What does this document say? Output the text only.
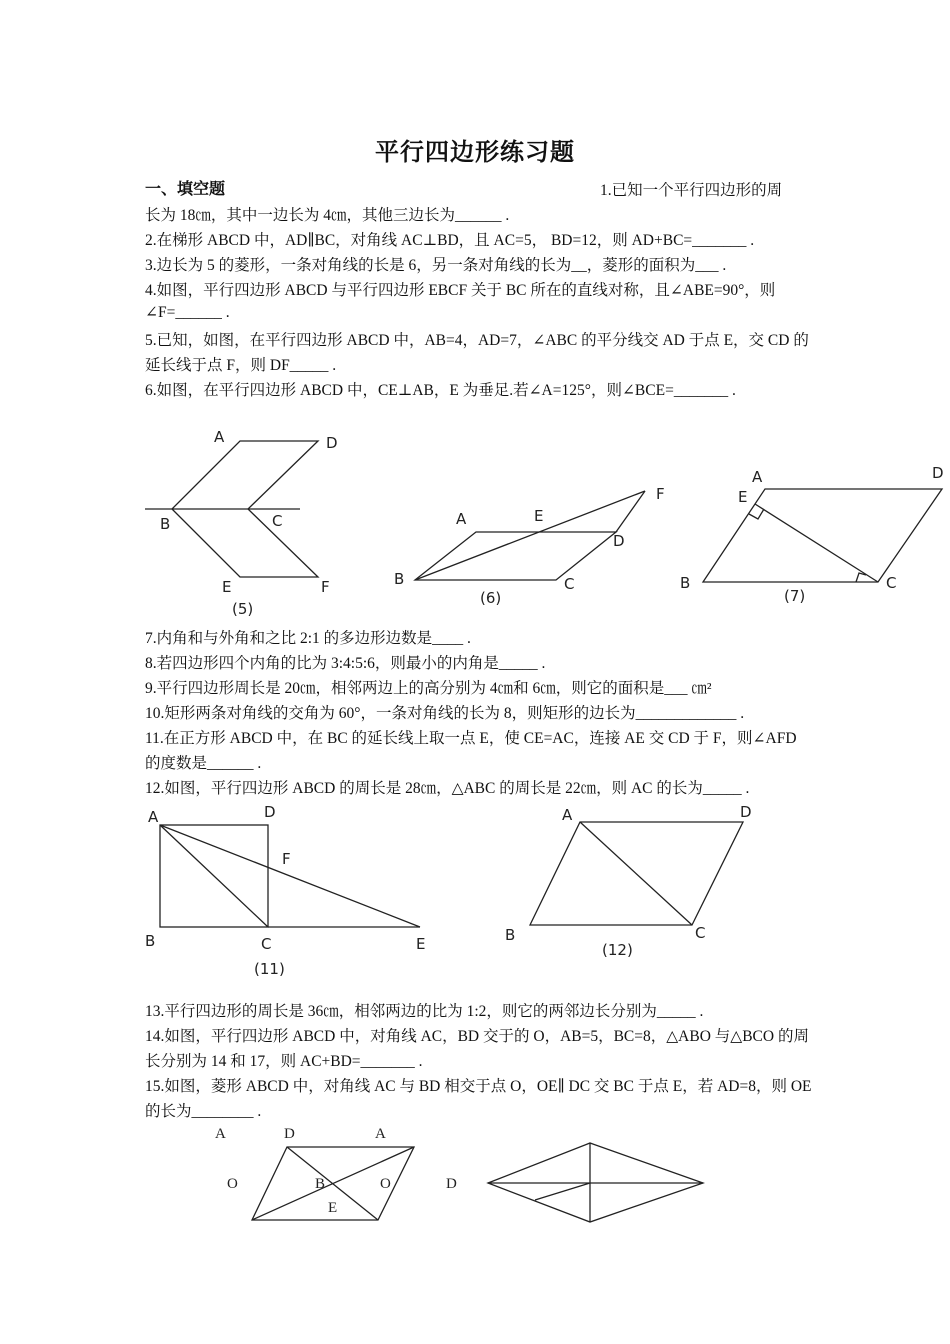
平行四边形练习题
一、填空题	1.已知一个平行四边形的周
长为 18㎝，其中一边长为 4㎝，其他三边长为______ .
2.在梯形 ABCD 中，AD∥BC，对角线 AC⊥BD，且 AC=5， BD=12，则 AD+BC=_______ .
3.边长为 5 的菱形，一条对角线的长是 6，另一条对角线的长为__，菱形的面积为___ .
4.如图，平行四边形 ABCD 与平行四边形 EBCF 关于 BC 所在的直线对称，且∠ABE=90°，则
∠F=______ .
5.已知，如图，在平行四边形 ABCD 中，AB=4，AD=7，∠ABC 的平分线交 AD 于点 E，交 CD 的
延长线于点 F，则 DF_____ .
6.如图，在平行四边形 ABCD 中，CE⊥AB，E 为垂足.若∠A=125°，则∠BCE=_______ .
7.内角和与外角和之比 2:1 的多边形边数是____ .
8.若四边形四个内角的比为 3:4:5:6，则最小的内角是_____ .
9.平行四边形周长是 20㎝，相邻两边上的高分别为 4㎝和 6㎝，则它的面积是___ ㎝²
10.矩形两条对角线的交角为 60°，一条对角线的长为 8，则矩形的边长为_____________ .
11.在正方形 ABCD 中，在 BC 的延长线上取一点 E，使 CE=AC，连接 AE 交 CD 于 F，则∠AFD
的度数是______ .
12.如图，平行四边形 ABCD 的周长是 28㎝，△ABC 的周长是 22㎝，则 AC 的长为_____ .
13.平行四边形的周长是 36㎝，相邻两边的比为 1:2，则它的两邻边长分别为_____ .
14.如图，平行四边形 ABCD 中，对角线 AC，BD 交于的 O，AB=5，BC=8，△ABO 与△BCO 的周
长分别为 14 和 17，则 AC+BD=_______ .
15.如图，菱形 ABCD 中，对角线 AC 与 BD 相交于点 O，OE∥ DC 交 BC 于点 E，若 AD=8，则 OE
的长为________ .
A	D
B	C
E	F
(5)
A	E
F
D
B	C
(6)
A	D
E
B	C
(7)
A	D
F
B	C	E
(11)
A	D
B	C
(12)
A	D	A
O	B	O
E
D
